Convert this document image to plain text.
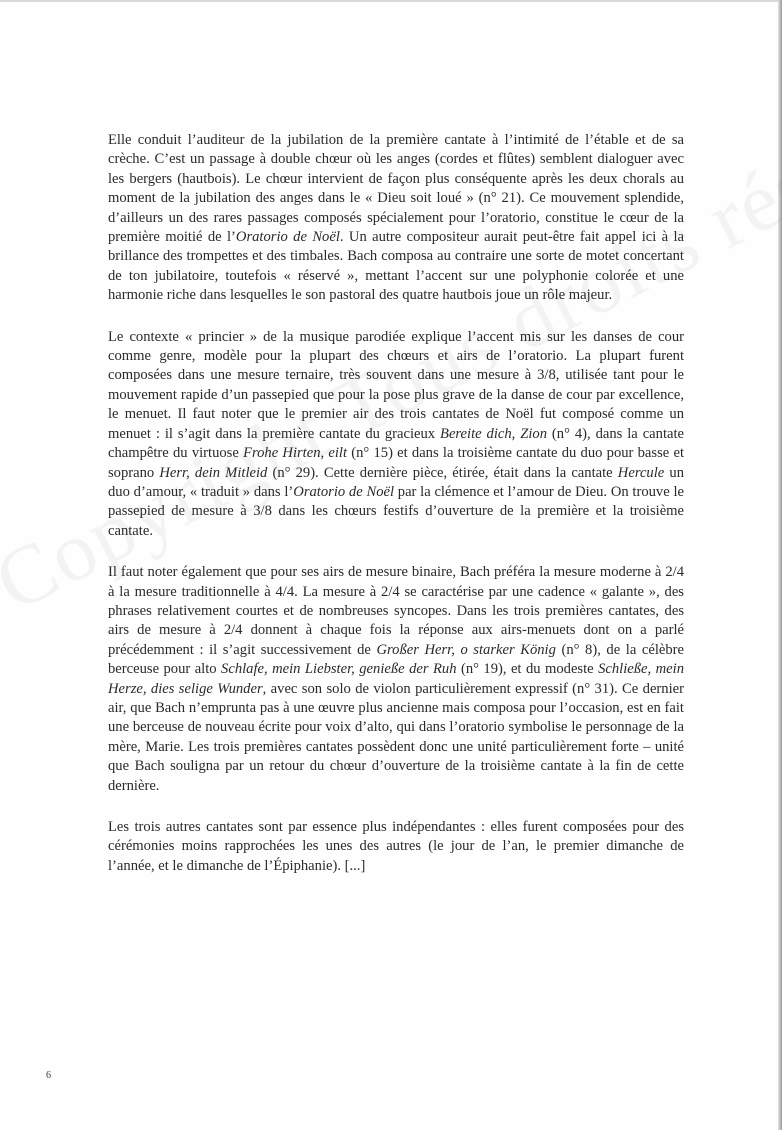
Elle conduit l’auditeur de la jubilation de la première cantate à l’intimité de l’étable et de sa crèche. C’est un passage à double chœur où les anges (cordes et flûtes) semblent dialoguer avec les bergers (hautbois). Le chœur intervient de façon plus conséquente après les deux chorals au moment de la jubilation des anges dans le « Dieu soit loué » (n° 21). Ce mouvement splendide, d’ailleurs un des rares passages composés spécialement pour l’oratorio, constitue le cœur de la première moitié de l’Oratorio de Noël. Un autre compositeur aurait peut-être fait appel ici à la brillance des trompettes et des timbales. Bach composa au contraire une sorte de motet concertant de ton jubilatoire, toutefois « réservé », mettant l’accent sur une polyphonie colorée et une harmonie riche dans lesquelles le son pastoral des quatre hautbois joue un rôle majeur.

Le contexte « princier » de la musique parodiée explique l’accent mis sur les danses de cour comme genre, modèle pour la plupart des chœurs et airs de l’oratorio. La plupart furent composées dans une mesure ternaire, très souvent dans une mesure à 3/8, utilisée tant pour le mouvement rapide d’un passepied que pour la pose plus grave de la danse de cour par excellence, le menuet. Il faut noter que le premier air des trois cantates de Noël fut composé comme un menuet : il s’agit dans la première cantate du gracieux Bereite dich, Zion (n° 4), dans la cantate champêtre du virtuose Frohe Hirten, eilt (n° 15) et dans la troisième cantate du duo pour basse et soprano Herr, dein Mitleid (n° 29). Cette dernière pièce, étirée, était dans la cantate Hercule un duo d’amour, « traduit » dans l’Oratorio de Noël par la clémence et l’amour de Dieu. On trouve le passepied de mesure à 3/8 dans les chœurs festifs d’ouverture de la première et la troisième cantate.

Il faut noter également que pour ses airs de mesure binaire, Bach préféra la mesure moderne à 2/4 à la mesure traditionnelle à 4/4. La mesure à 2/4 se caractérise par une cadence « galante », des phrases relativement courtes et de nombreuses syncopes. Dans les trois premières cantates, des airs de mesure à 2/4 donnent à chaque fois la réponse aux airs-menuets dont on a parlé précédemment : il s’agit successivement de Großer Herr, o starker König (n° 8), de la célèbre berceuse pour alto Schlafe, mein Liebster, genieße der Ruh (n° 19), et du modeste Schließe, mein Herze, dies selige Wunder, avec son solo de violon particulièrement expressif (n° 31). Ce dernier air, que Bach n’emprunta pas à une œuvre plus ancienne mais composa pour l’occasion, est en fait une berceuse de nouveau écrite pour voix d’alto, qui dans l’oratorio symbolise le personnage de la mère, Marie. Les trois premières cantates possèdent donc une unité particulièrement forte – unité que Bach souligna par un retour du chœur d’ouverture de la troisième cantate à la fin de cette dernière.

Les trois autres cantates sont par essence plus indépendantes : elles furent composées pour des cérémonies moins rapprochées les unes des autres (le jour de l’an, le premier dimanche de l’année, et le dimanche de l’Épiphanie). [...]

6
